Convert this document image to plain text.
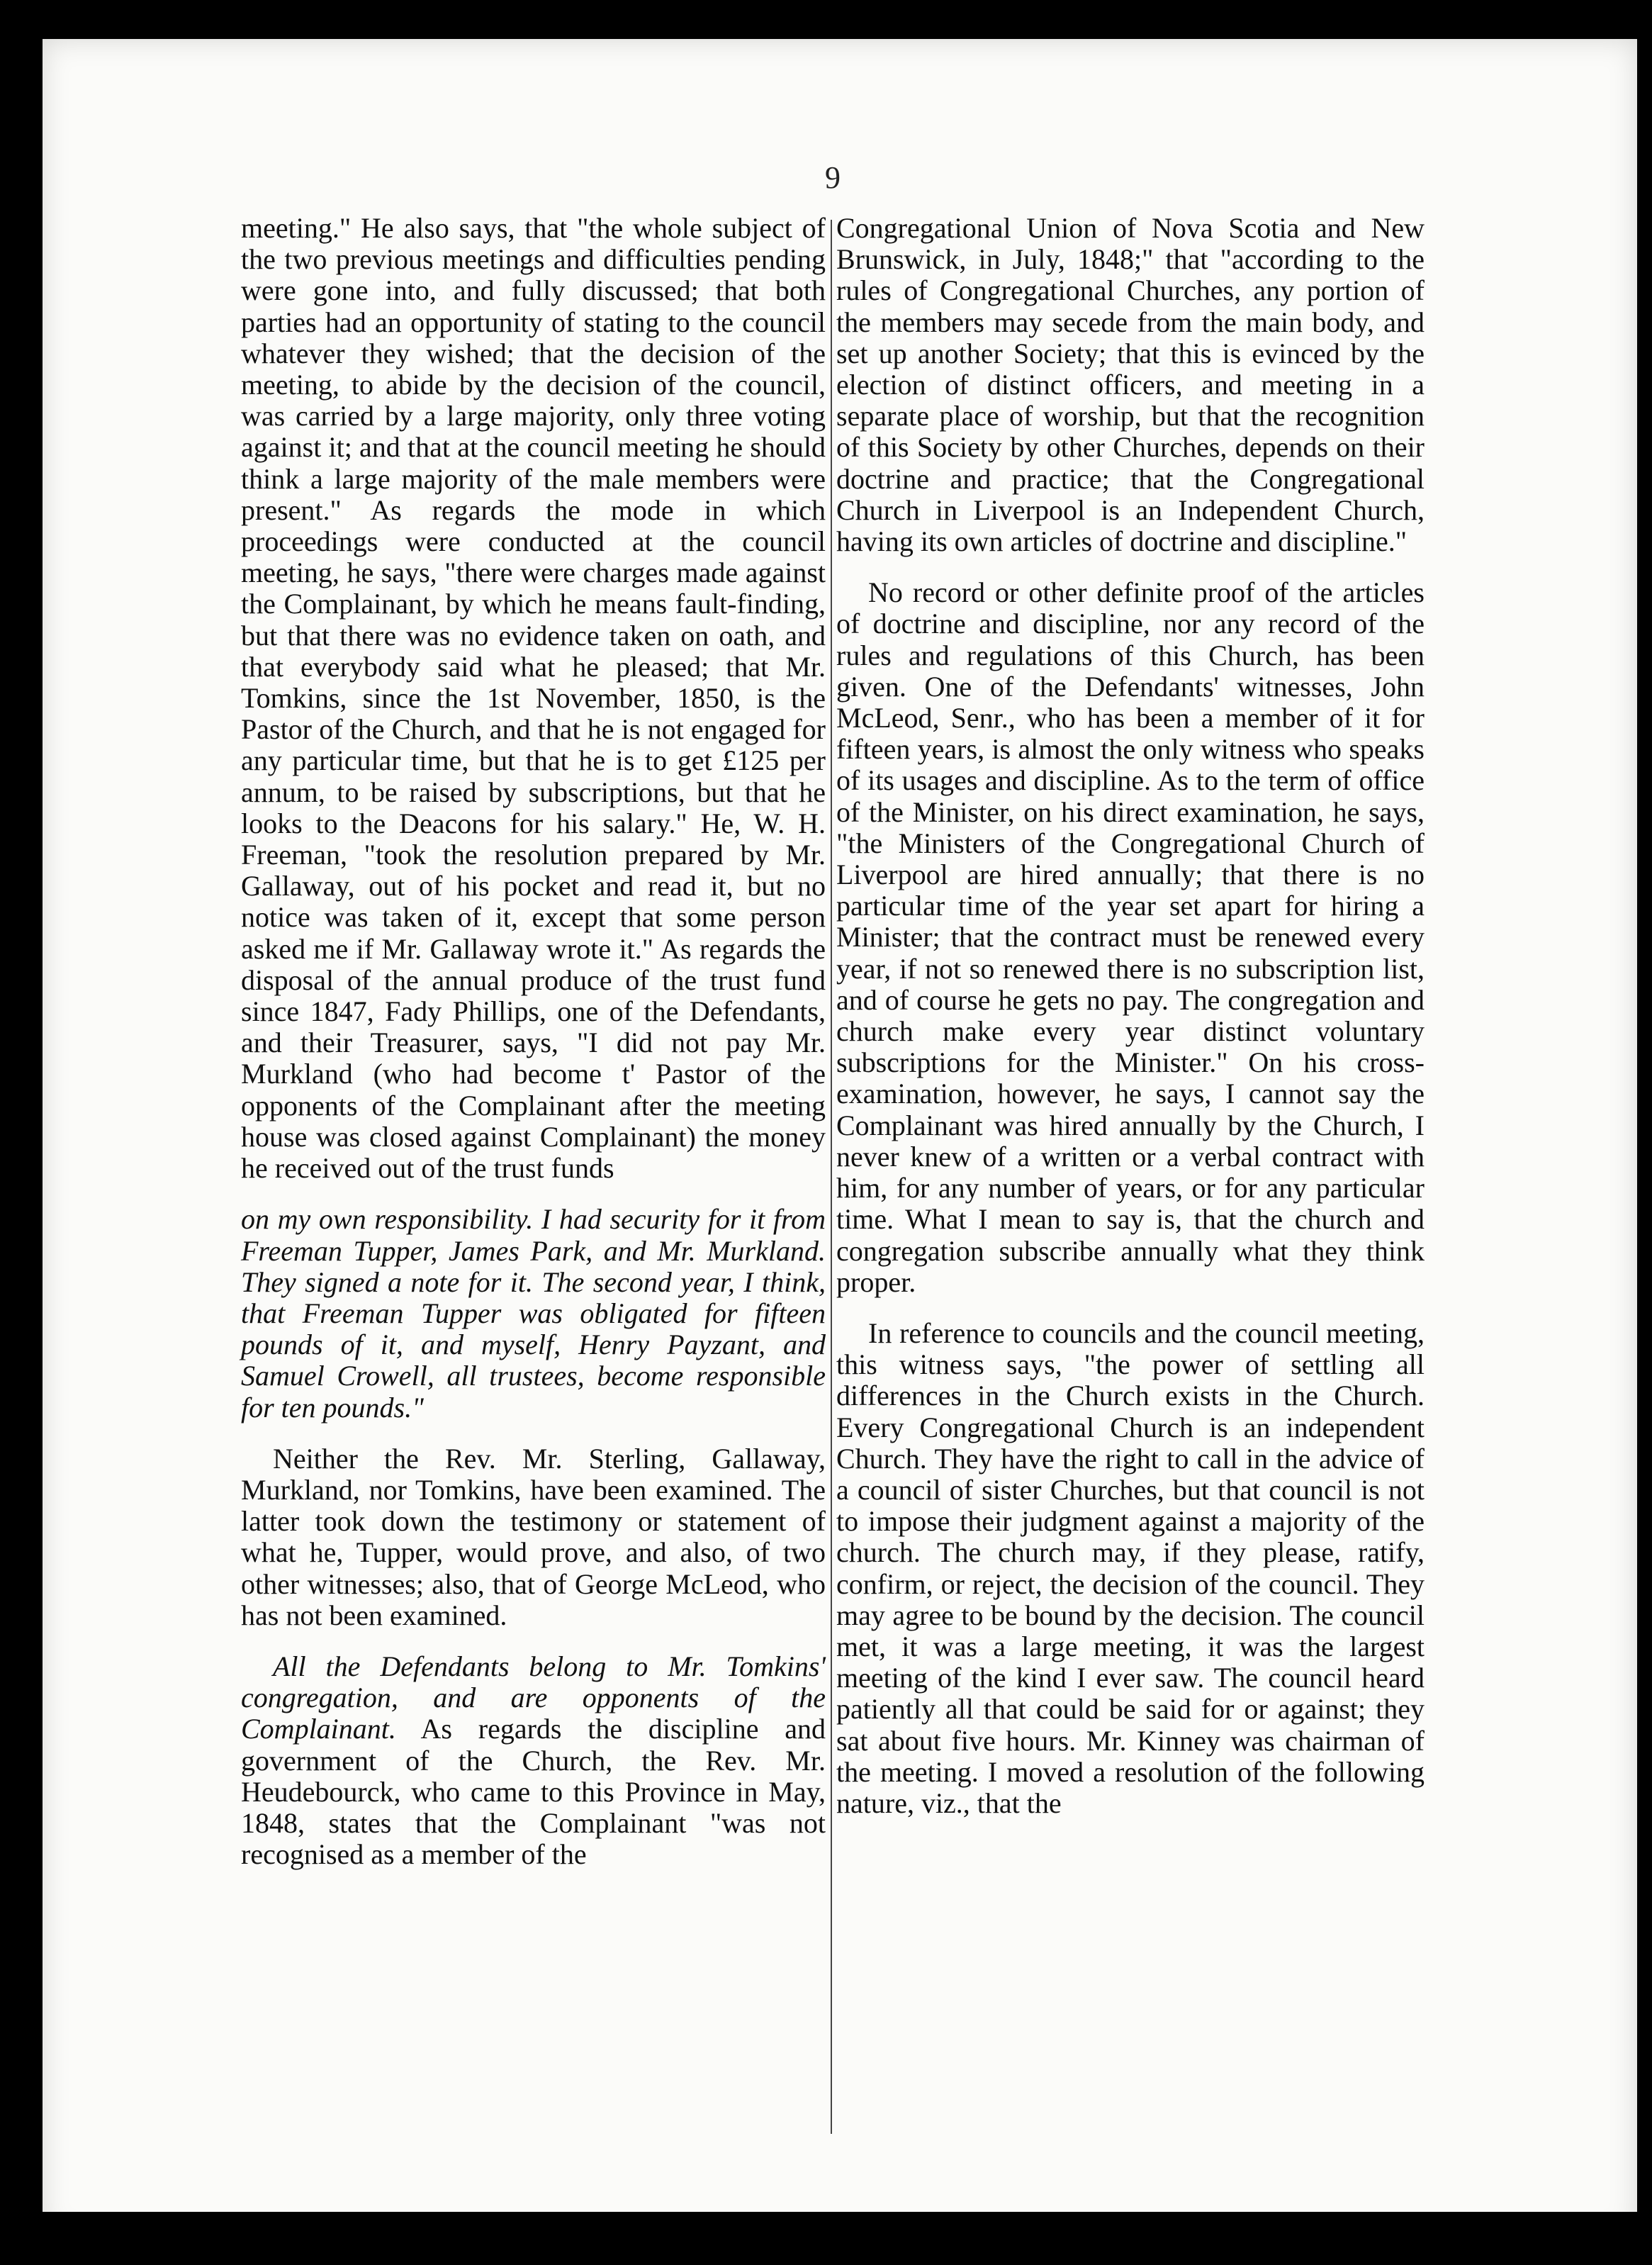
9

meeting." He also says, that "the whole subject of the two previous meetings and difficulties pending were gone into, and fully discussed; that both parties had an opportunity of stating to the council whatever they wished; that the decision of the meeting, to abide by the decision of the council, was carried by a large majority, only three voting against it; and that at the council meeting he should think a large majority of the male members were present." As regards the mode in which proceedings were conducted at the council meeting, he says, "there were charges made against the Complainant, by which he means fault-finding, but that there was no evidence taken on oath, and that everybody said what he pleased; that Mr. Tomkins, since the 1st November, 1850, is the Pastor of the Church, and that he is not engaged for any particular time, but that he is to get £125 per annum, to be raised by subscriptions, but that he looks to the Deacons for his salary." He, W. H. Freeman, "took the resolution prepared by Mr. Gallaway, out of his pocket and read it, but no notice was taken of it, except that some person asked me if Mr. Gallaway wrote it." As regards the disposal of the annual produce of the trust fund since 1847, Fady Phillips, one of the Defendants, and their Treasurer, says, "I did not pay Mr. Murkland (who had become t' Pastor of the opponents of the Complainant after the meeting house was closed against Complainant) the money he received out of the trust funds

on my own responsibility. I had security for it from Freeman Tupper, James Park, and Mr. Murkland. They signed a note for it. The second year, I think, that Freeman Tupper was obligated for fifteen pounds of it, and myself, Henry Payzant, and Samuel Crowell, all trustees, become responsible for ten pounds."

Neither the Rev. Mr. Sterling, Gallaway, Murkland, nor Tomkins, have been examined. The latter took down the testimony or statement of what he, Tupper, would prove, and also, of two other witnesses; also, that of George McLeod, who has not been examined.

All the Defendants belong to Mr. Tomkins' congregation, and are opponents of the Complainant. As regards the discipline and government of the Church, the Rev. Mr. Heudebourck, who came to this Province in May, 1848, states that the Complainant "was not recognised as a member of the

Congregational Union of Nova Scotia and New Brunswick, in July, 1848;" that "according to the rules of Congregational Churches, any portion of the members may secede from the main body, and set up another Society; that this is evinced by the election of distinct officers, and meeting in a separate place of worship, but that the recognition of this Society by other Churches, depends on their doctrine and practice; that the Congregational Church in Liverpool is an Independent Church, having its own articles of doctrine and discipline."

No record or other definite proof of the articles of doctrine and discipline, nor any record of the rules and regulations of this Church, has been given. One of the Defendants' witnesses, John McLeod, Senr., who has been a member of it for fifteen years, is almost the only witness who speaks of its usages and discipline. As to the term of office of the Minister, on his direct examination, he says, "the Ministers of the Congregational Church of Liverpool are hired annually; that there is no particular time of the year set apart for hiring a Minister; that the contract must be renewed every year, if not so renewed there is no subscription list, and of course he gets no pay. The congregation and church make every year distinct voluntary subscriptions for the Minister." On his cross-examination, however, he says, I cannot say the Complainant was hired annually by the Church, I never knew of a written or a verbal contract with him, for any number of years, or for any particular time. What I mean to say is, that the church and congregation subscribe annually what they think proper.

In reference to councils and the council meeting, this witness says, "the power of settling all differences in the Church exists in the Church. Every Congregational Church is an independent Church. They have the right to call in the advice of a council of sister Churches, but that council is not to impose their judgment against a majority of the church. The church may, if they please, ratify, confirm, or reject, the decision of the council. They may agree to be bound by the decision. The council met, it was a large meeting, it was the largest meeting of the kind I ever saw. The council heard patiently all that could be said for or against; they sat about five hours. Mr. Kinney was chairman of the meeting. I moved a resolution of the following nature, viz., that the
